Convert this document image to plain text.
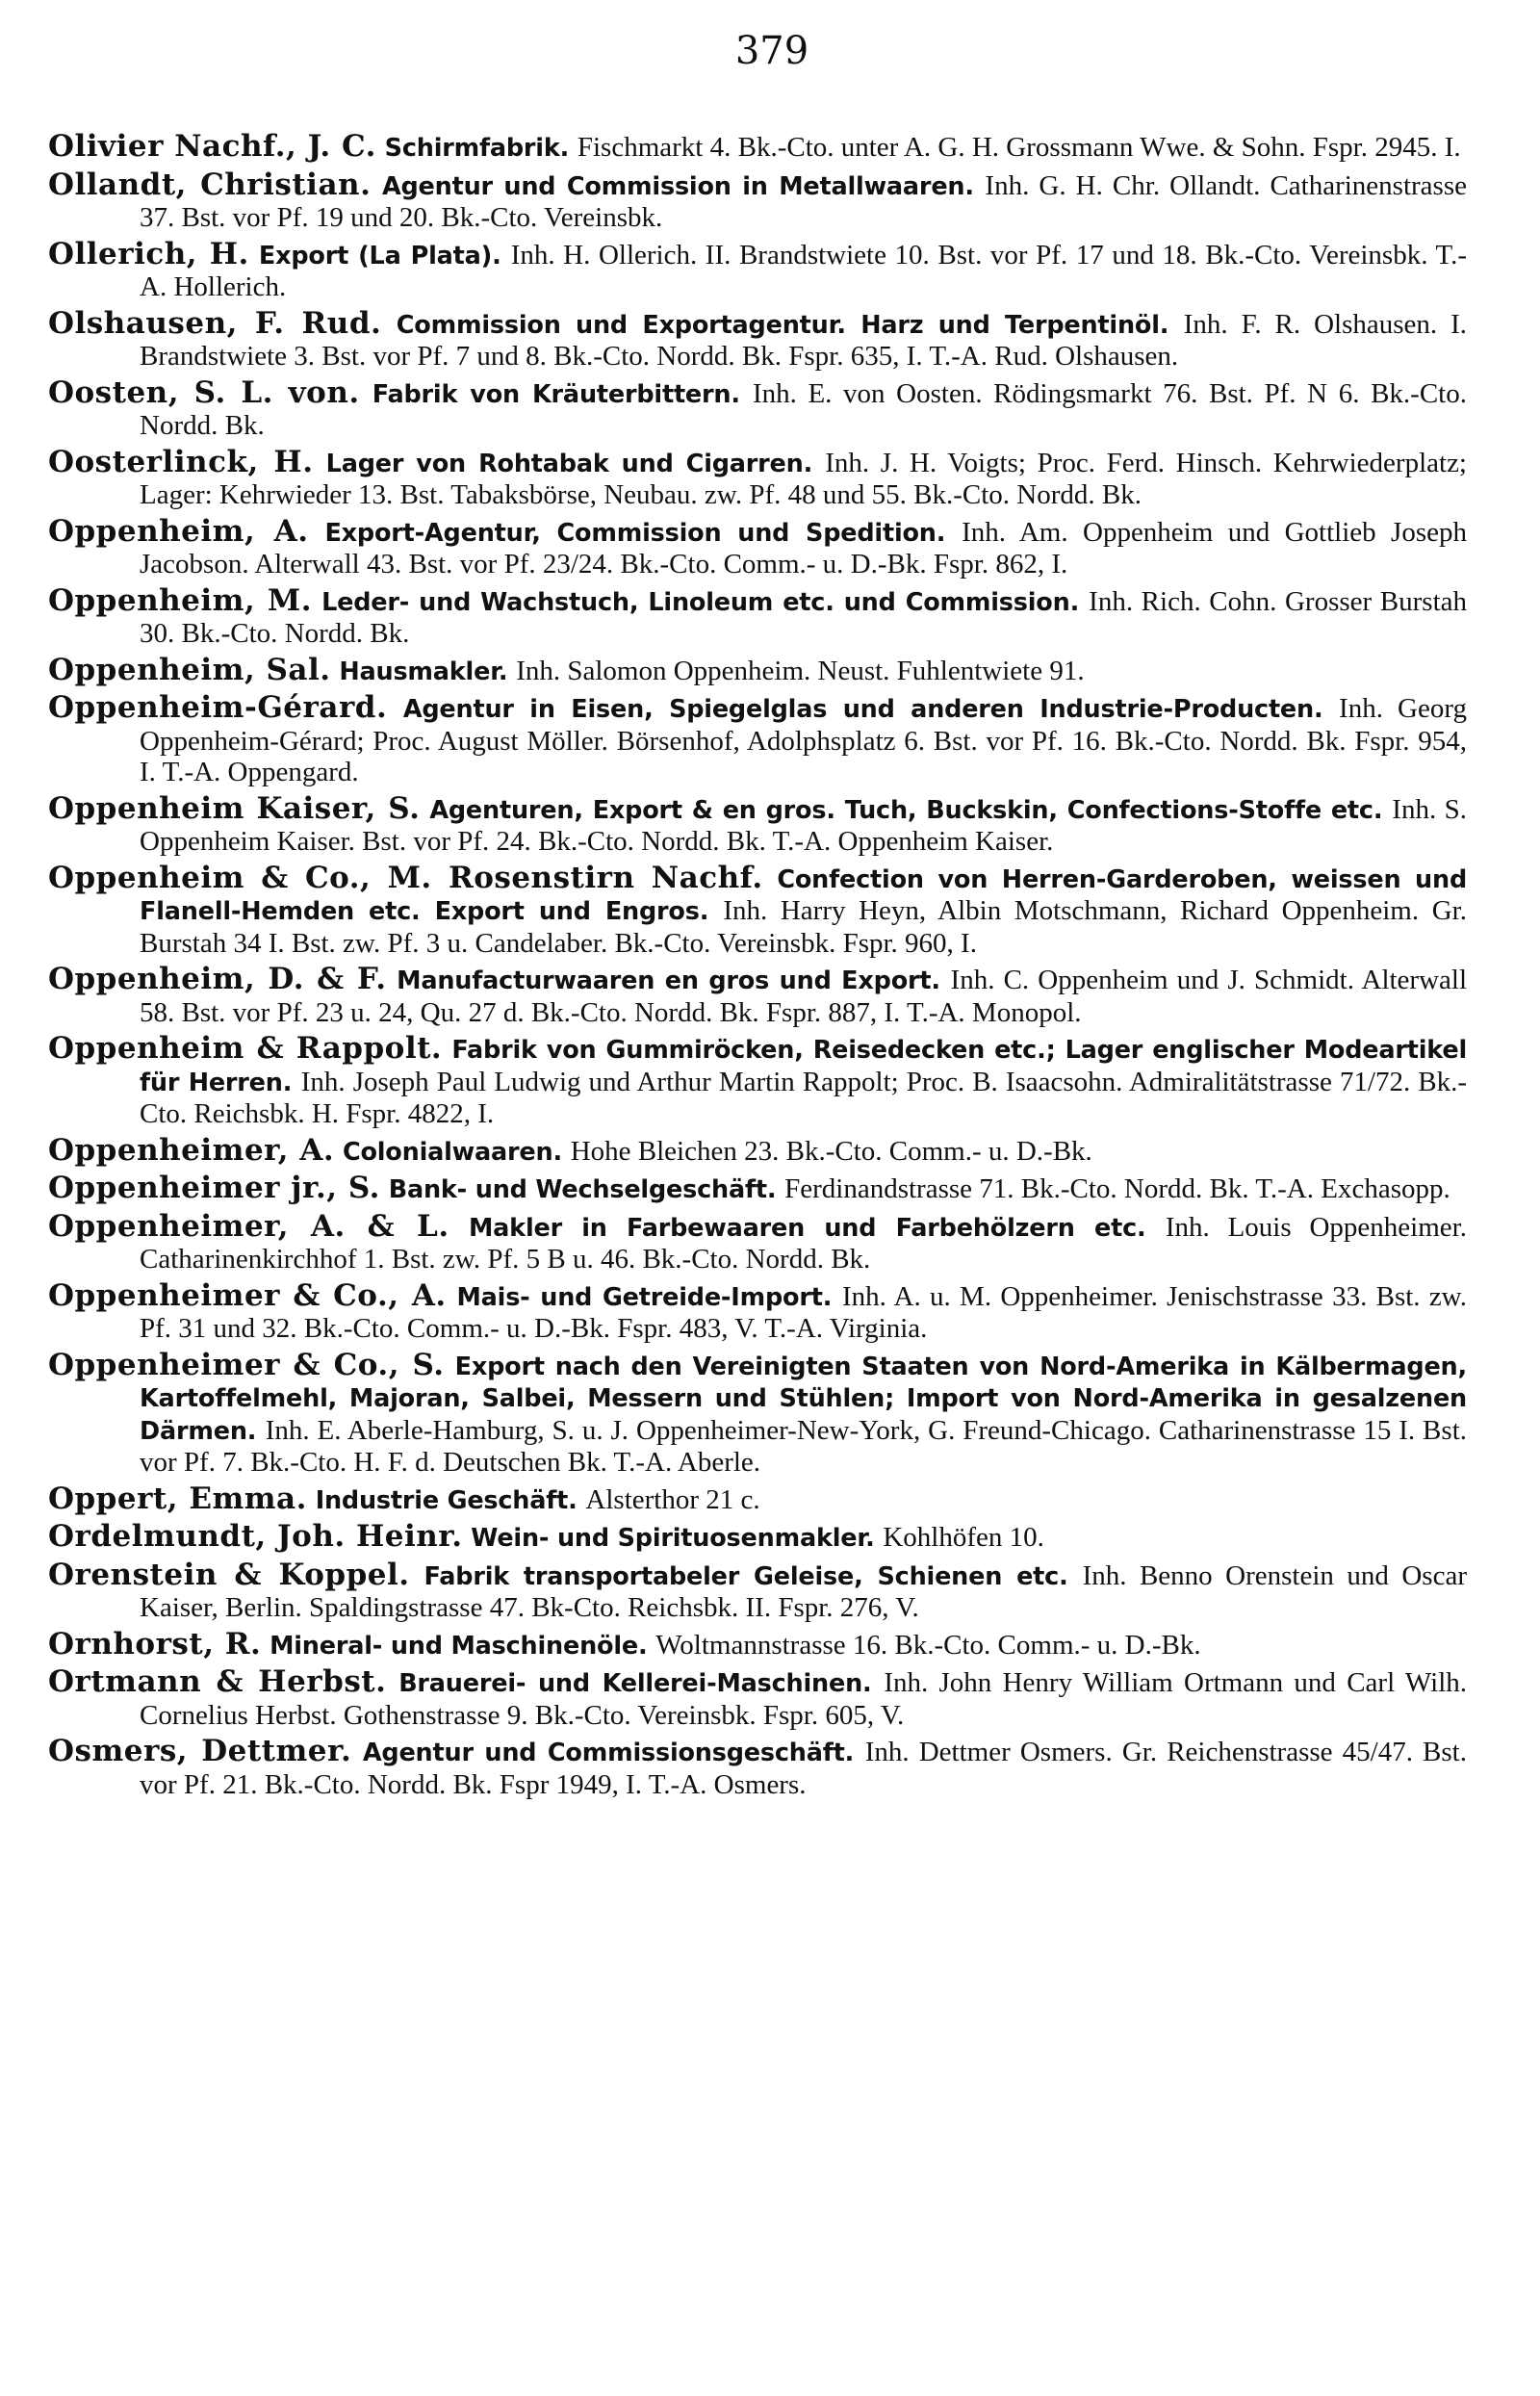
379

Olivier Nachf., J. C. Schirmfabrik. Fischmarkt 4. Bk.-Cto. unter A. G. H. Grossmann Wwe. & Sohn. Fspr. 2945. I.

Ollandt, Christian. Agentur und Commission in Metallwaaren. Inh. G. H. Chr. Ollandt. Catharinenstrasse 37. Bst. vor Pf. 19 und 20. Bk.-Cto. Vereinsbk.

Ollerich, H. Export (La Plata). Inh. H. Ollerich. II. Brandstwiete 10. Bst. vor Pf. 17 und 18. Bk.-Cto. Vereinsbk. T.-A. Hollerich.

Olshausen, F. Rud. Commission und Exportagentur. Harz und Terpentinöl. Inh. F. R. Olshausen. I. Brandstwiete 3. Bst. vor Pf. 7 und 8. Bk.-Cto. Nordd. Bk. Fspr. 635, I. T.-A. Rud. Olshausen.

Oosten, S. L. von. Fabrik von Kräuterbittern. Inh. E. von Oosten. Rödingsmarkt 76. Bst. Pf. N 6. Bk.-Cto. Nordd. Bk.

Oosterlinck, H. Lager von Rohtabak und Cigarren. Inh. J. H. Voigts; Proc. Ferd. Hinsch. Kehrwiederplatz; Lager: Kehrwieder 13. Bst. Tabaksbörse, Neubau. zw. Pf. 48 und 55. Bk.-Cto. Nordd. Bk.

Oppenheim, A. Export-Agentur, Commission und Spedition. Inh. Am. Oppenheim und Gottlieb Joseph Jacobson. Alterwall 43. Bst. vor Pf. 23/24. Bk.-Cto. Comm.- u. D.-Bk. Fspr. 862, I.

Oppenheim, M. Leder- und Wachstuch, Linoleum etc. und Commission. Inh. Rich. Cohn. Grosser Burstah 30. Bk.-Cto. Nordd. Bk.

Oppenheim, Sal. Hausmakler. Inh. Salomon Oppenheim. Neust. Fuhlentwiete 91.

Oppenheim-Gérard. Agentur in Eisen, Spiegelglas und anderen Industrie-Producten. Inh. Georg Oppenheim-Gérard; Proc. August Möller. Börsenhof, Adolphsplatz 6. Bst. vor Pf. 16. Bk.-Cto. Nordd. Bk. Fspr. 954, I. T.-A. Oppengard.

Oppenheim Kaiser, S. Agenturen, Export & en gros. Tuch, Buckskin, Confections-Stoffe etc. Inh. S. Oppenheim Kaiser. Bst. vor Pf. 24. Bk.-Cto. Nordd. Bk. T.-A. Oppenheim Kaiser.

Oppenheim & Co., M. Rosenstirn Nachf. Confection von Herren-Garderoben, weissen und Flanell-Hemden etc. Export und Engros. Inh. Harry Heyn, Albin Motschmann, Richard Oppenheim. Gr. Burstah 34 I. Bst. zw. Pf. 3 u. Candelaber. Bk.-Cto. Vereinsbk. Fspr. 960, I.

Oppenheim, D. & F. Manufacturwaaren en gros und Export. Inh. C. Oppenheim und J. Schmidt. Alterwall 58. Bst. vor Pf. 23 u. 24, Qu. 27 d. Bk.-Cto. Nordd. Bk. Fspr. 887, I. T.-A. Monopol.

Oppenheim & Rappolt. Fabrik von Gummiröcken, Reisedecken etc.; Lager englischer Modeartikel für Herren. Inh. Joseph Paul Ludwig und Arthur Martin Rappolt; Proc. B. Isaacsohn. Admiralitätstrasse 71/72. Bk.-Cto. Reichsbk. H. Fspr. 4822, I.

Oppenheimer, A. Colonialwaaren. Hohe Bleichen 23. Bk.-Cto. Comm.- u. D.-Bk.

Oppenheimer jr., S. Bank- und Wechselgeschäft. Ferdinandstrasse 71. Bk.-Cto. Nordd. Bk. T.-A. Exchasopp.

Oppenheimer, A. & L. Makler in Farbewaaren und Farbehölzern etc. Inh. Louis Oppenheimer. Catharinenkirchhof 1. Bst. zw. Pf. 5 B u. 46. Bk.-Cto. Nordd. Bk.

Oppenheimer & Co., A. Mais- und Getreide-Import. Inh. A. u. M. Oppenheimer. Jenischstrasse 33. Bst. zw. Pf. 31 und 32. Bk.-Cto. Comm.- u. D.-Bk. Fspr. 483, V. T.-A. Virginia.

Oppenheimer & Co., S. Export nach den Vereinigten Staaten von Nord-Amerika in Kälbermagen, Kartoffelmehl, Majoran, Salbei, Messern und Stühlen; Import von Nord-Amerika in gesalzenen Därmen. Inh. E. Aberle-Hamburg, S. u. J. Oppenheimer-New-York, G. Freund-Chicago. Catharinenstrasse 15 I. Bst. vor Pf. 7. Bk.-Cto. H. F. d. Deutschen Bk. T.-A. Aberle.

Oppert, Emma. Industrie Geschäft. Alsterthor 21 c.

Ordelmundt, Joh. Heinr. Wein- und Spirituosenmakler. Kohlhöfen 10.

Orenstein & Koppel. Fabrik transportabeler Geleise, Schienen etc. Inh. Benno Orenstein und Oscar Kaiser, Berlin. Spaldingstrasse 47. Bk-Cto. Reichsbk. II. Fspr. 276, V.

Ornhorst, R. Mineral- und Maschinenöle. Woltmannstrasse 16. Bk.-Cto. Comm.- u. D.-Bk.

Ortmann & Herbst. Brauerei- und Kellerei-Maschinen. Inh. John Henry William Ortmann und Carl Wilh. Cornelius Herbst. Gothenstrasse 9. Bk.-Cto. Vereinsbk. Fspr. 605, V.

Osmers, Dettmer. Agentur und Commissionsgeschäft. Inh. Dettmer Osmers. Gr. Reichenstrasse 45/47. Bst. vor Pf. 21. Bk.-Cto. Nordd. Bk. Fspr 1949, I. T.-A. Osmers.
